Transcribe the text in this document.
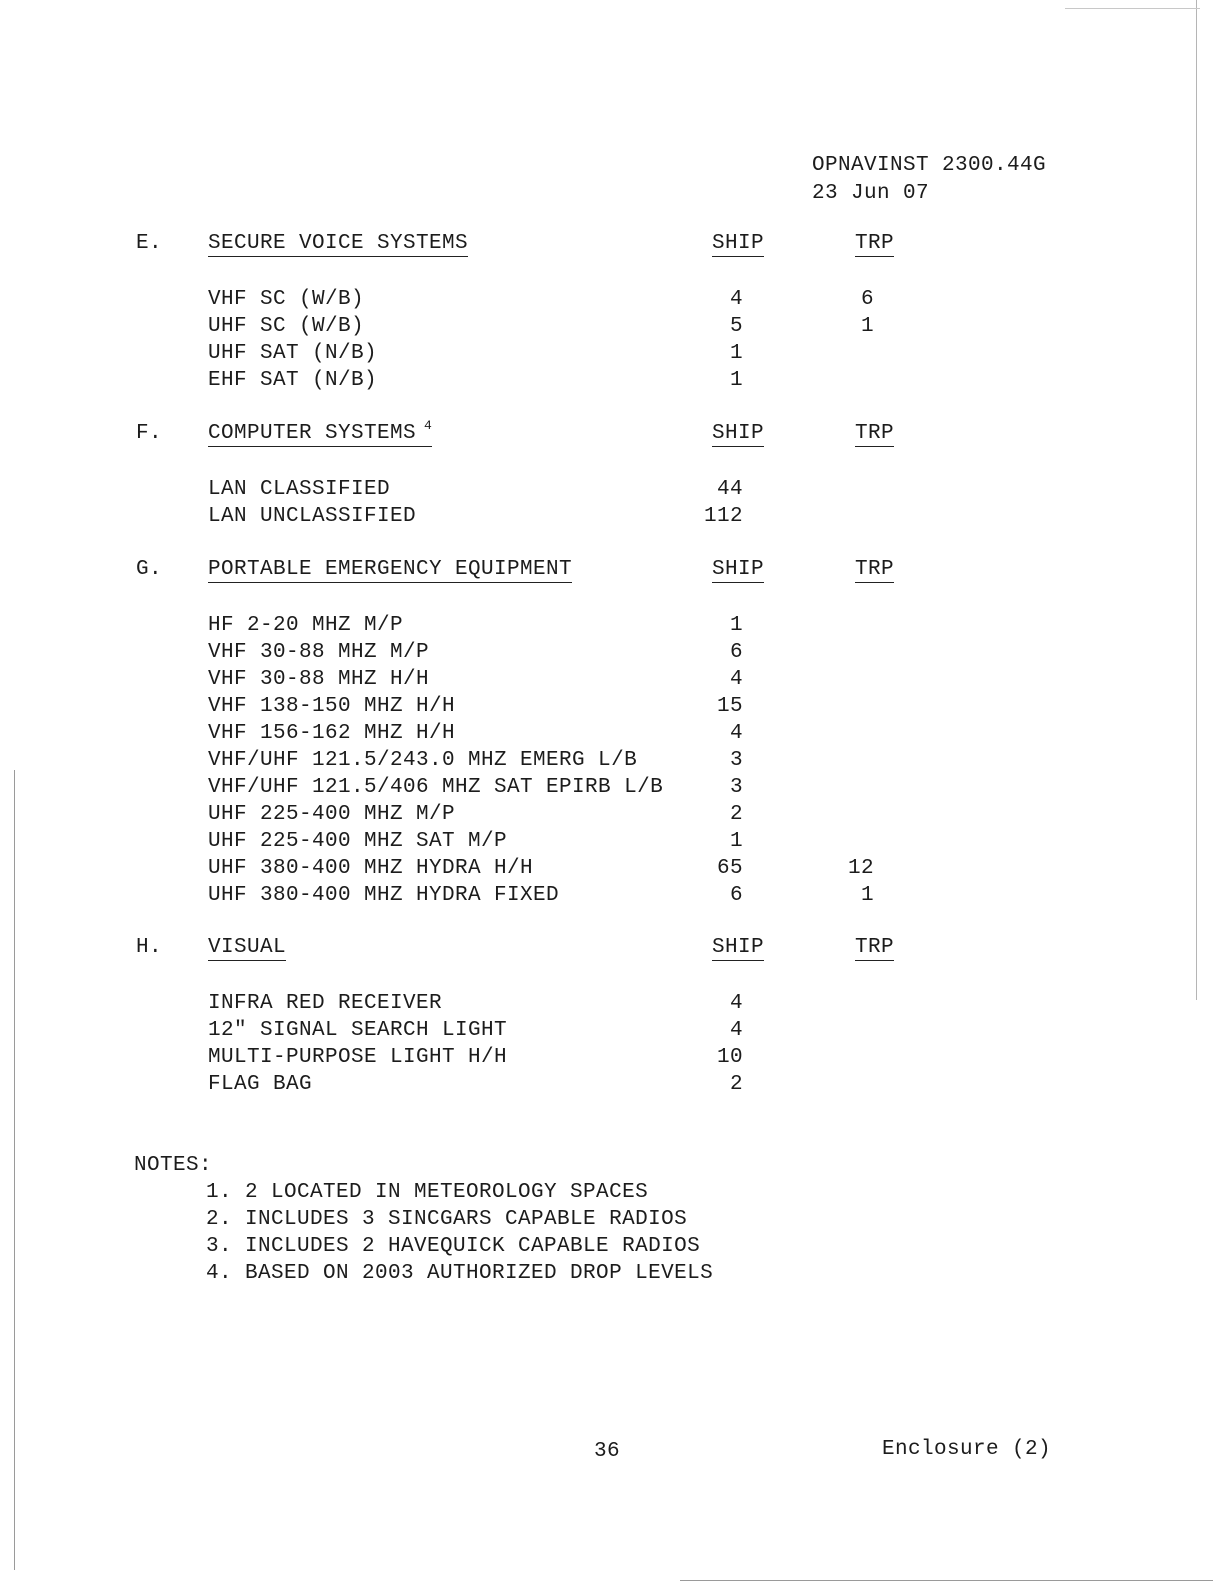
OPNAVINST 2300.44G
23 Jun 07
E. SECURE VOICE SYSTEMS	SHIP	TRP
VHF SC (W/B)	4	6
UHF SC (W/B)	5	1
UHF SAT (N/B)	1
EHF SAT (N/B)	1
F. COMPUTER SYSTEMS $^4$	SHIP	TRP
LAN CLASSIFIED	44
LAN UNCLASSIFIED	112
G. PORTABLE EMERGENCY EQUIPMENT	SHIP	TRP
HF 2-20 MHZ M/P	1
VHF 30-88 MHZ M/P	6
VHF 30-88 MHZ H/H	4
VHF 138-150 MHZ H/H	15
VHF 156-162 MHZ H/H	4
VHF/UHF 121.5/243.0 MHZ EMERG L/B	3
VHF/UHF 121.5/406 MHZ SAT EPIRB L/B	3
UHF 225-400 MHZ M/P	2
UHF 225-400 MHZ SAT M/P	1
UHF 380-400 MHZ HYDRA H/H	65	12
UHF 380-400 MHZ HYDRA FIXED	6	1
H. VISUAL	SHIP	TRP
INFRA RED RECEIVER	4
12″ SIGNAL SEARCH LIGHT	4
MULTI-PURPOSE LIGHT H/H	10
FLAG BAG	2
NOTES:
1. 2 LOCATED IN METEOROLOGY SPACES
2. INCLUDES 3 SINCGARS CAPABLE RADIOS
3. INCLUDES 2 HAVEQUICK CAPABLE RADIOS
4. BASED ON 2003 AUTHORIZED DROP LEVELS
36	Enclosure (2)
